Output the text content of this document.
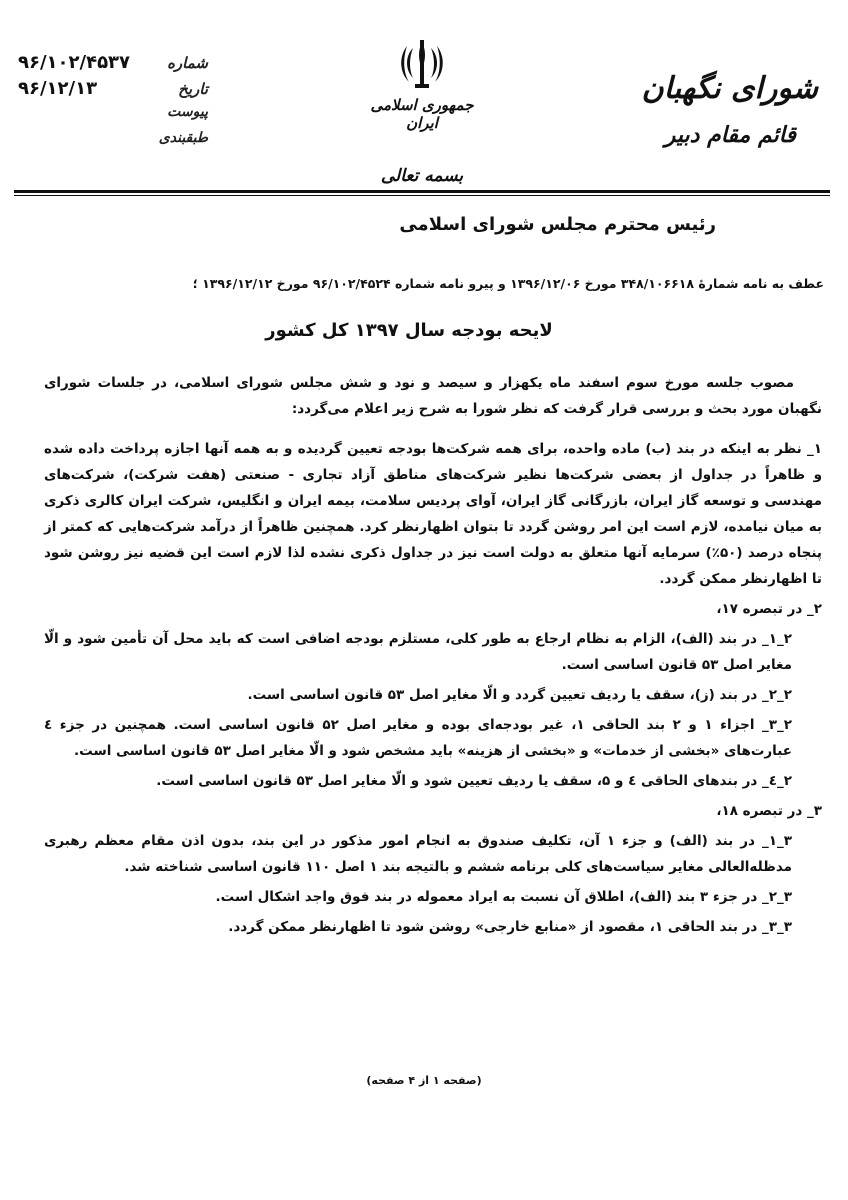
شماره
۹۶/۱۰۲/۴۵۳۷
تاریخ
۹۶/۱۲/۱۳
پیوست
طبقبندی
جمهوری اسلامی ایران
بسمه تعالی
شورای نگهبان
قائم مقام دبیر
رئیس محترم مجلس شورای اسلامی
عطف به نامه شمارهٔ ۳۴۸/۱۰۶۶۱۸ مورخ ۱۳۹۶/۱۲/۰۶ و پیرو نامه شماره ۹۶/۱۰۲/۴۵۲۴ مورخ ۱۳۹۶/۱۲/۱۲ ؛
لایحه بودجه سال ۱۳۹۷ کل کشور

مصوب جلسه مورخ سوم اسفند ماه یکهزار و سیصد و نود و شش مجلس شورای اسلامی، در جلسات شورای نگهبان مورد بحث و بررسی قرار گرفت که نظر شورا به شرح زیر اعلام می‌گردد:

۱_ نظر به اینکه در بند (ب) ماده واحده، برای همه شرکت‌ها بودجه تعیین گردیده و به همه آنها اجازه پرداخت داده شده و ظاهراً در جداول از بعضی شرکت‌ها نظیر شرکت‌های مناطق آزاد تجاری - صنعتی (هفت شرکت)، شرکت‌های مهندسی و توسعه گاز ایران، بازرگانی گاز ایران، آوای پردیس سلامت، بیمه ایران و انگلیس، شرکت ایران کالری ذکری به میان نیامده، لازم است این امر روشن گردد تا بتوان اظهارنظر کرد. همچنین ظاهراً از درآمد شرکت‌هایی که کمتر از پنجاه درصد (۵۰٪) سرمایه آنها متعلق به دولت است نیز در جداول ذکری نشده لذا لازم است این قضیه نیز روشن شود تا اظهارنظر ممکن گردد.

۲_ در تبصره ۱۷،

۲_۱_ در بند (الف)، الزام به نظام ارجاع به طور کلی، مستلزم بودجه اضافی است که باید محل آن تأمین شود و الّا مغایر اصل ۵۳ قانون اساسی است.

۲_۲_ در بند (ز)، سقف یا ردیف تعیین گردد و الّا مغایر اصل ۵۳ قانون اساسی است.

۲_۳_ اجزاء ۱ و ۲ بند الحاقی ۱، غیر بودجه‌ای بوده و مغایر اصل ۵۲ قانون اساسی است. همچنین در جزء ٤ عبارت‌های «بخشی از خدمات» و «بخشی از هزینه» باید مشخص شود و الّا مغایر اصل ۵۳ قانون اساسی است.

۲_٤_ در بندهای الحاقی ٤ و ۵، سقف یا ردیف تعیین شود و الّا مغایر اصل ۵۳ قانون اساسی است.

۳_ در تبصره ۱۸،

۳_۱_ در بند (الف) و جزء ۱ آن، تکلیف صندوق به انجام امور مذکور در این بند، بدون اذن مقام معظم رهبری مدظله‌العالی مغایر سیاست‌های کلی برنامه ششم و بالتیجه بند ۱ اصل ۱۱۰ قانون اساسی شناخته شد.

۳_۲_ در جزء ۳ بند (الف)، اطلاق آن نسبت به ایراد معموله در بند فوق واجد اشکال است.

۳_۳_ در بند الحاقی ۱، مقصود از «منابع خارجی» روشن شود تا اظهارنظر ممکن گردد.

(صفحه ۱ از ۴ صفحه)
